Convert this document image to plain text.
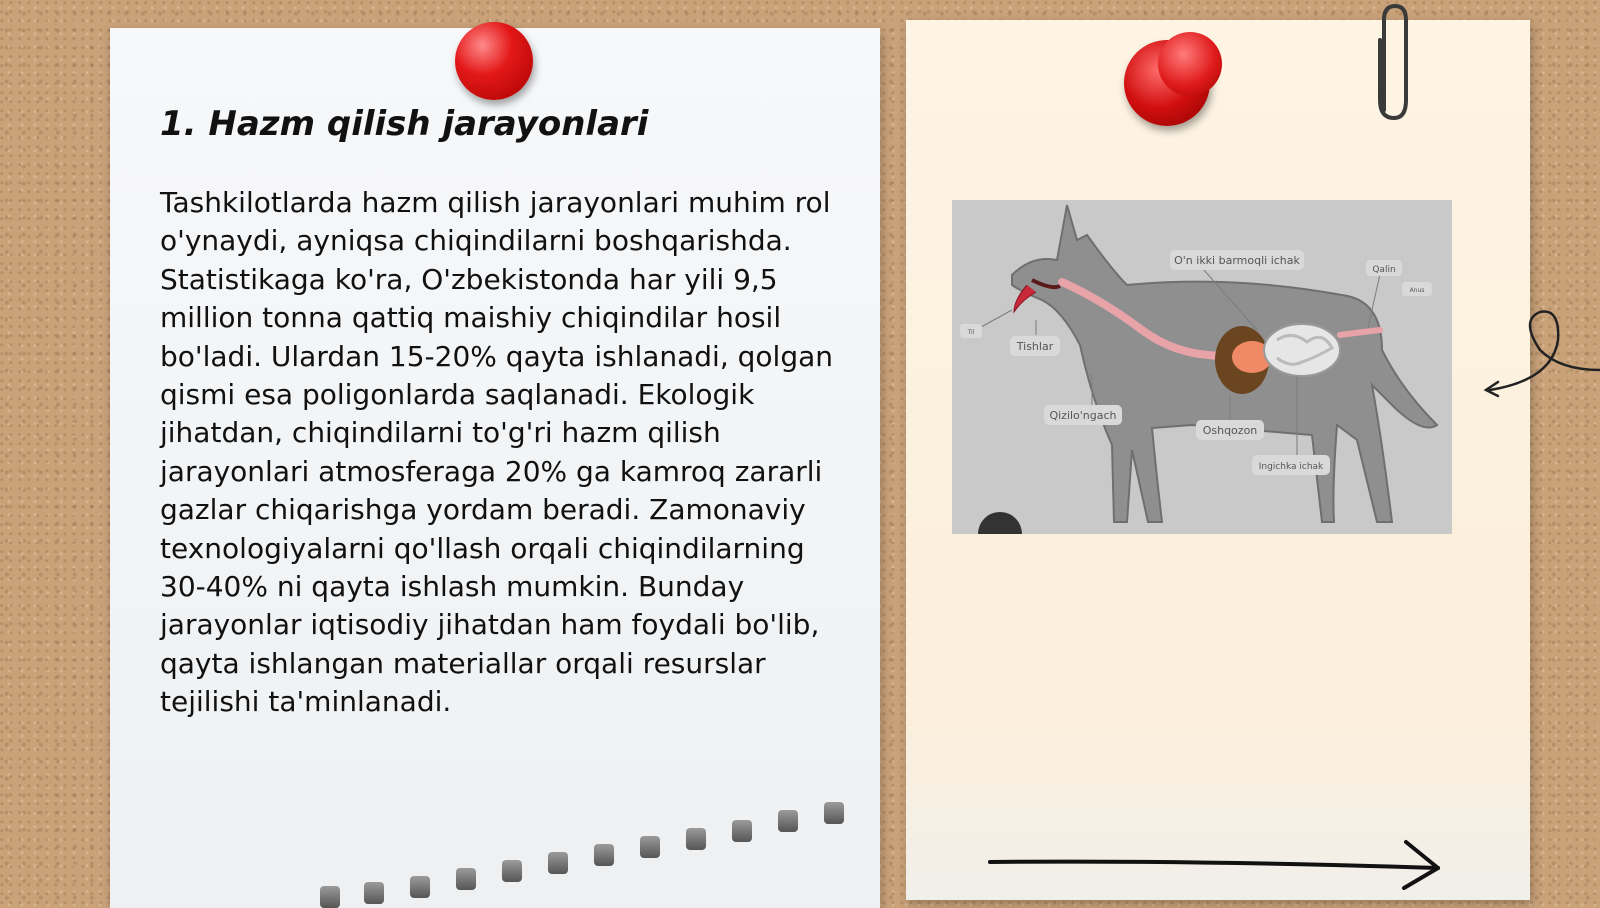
1. Hazm qilish jarayonlari

Tashkilotlarda hazm qilish jarayonlari muhim rol o'ynaydi, ayniqsa chiqindilarni boshqarishda. Statistikaga ko'ra, O'zbekistonda har yili 9,5 million tonna qattiq maishiy chiqindilar hosil bo'ladi. Ulardan 15-20% qayta ishlanadi, qolgan qismi esa poligonlarda saqlanadi. Ekologik jihatdan, chiqindilarni to'g'ri hazm qilish jarayonlari atmosferaga 20% ga kamroq zararli gazlar chiqarishga yordam beradi. Zamonaviy texnologiyalarni qo'llash orqali chiqindilarning 30-40% ni qayta ishlash mumkin. Bunday jarayonlar iqtisodiy jihatdan ham foydali bo'lib, qayta ishlangan materiallar orqali resurslar tejilishi ta'minlanadi.

O'n ikki barmoqli ichak
Tishlar
Qizilo'ngach
Oshqozon
Ingichka ichak
Qalin
Til
Anus
